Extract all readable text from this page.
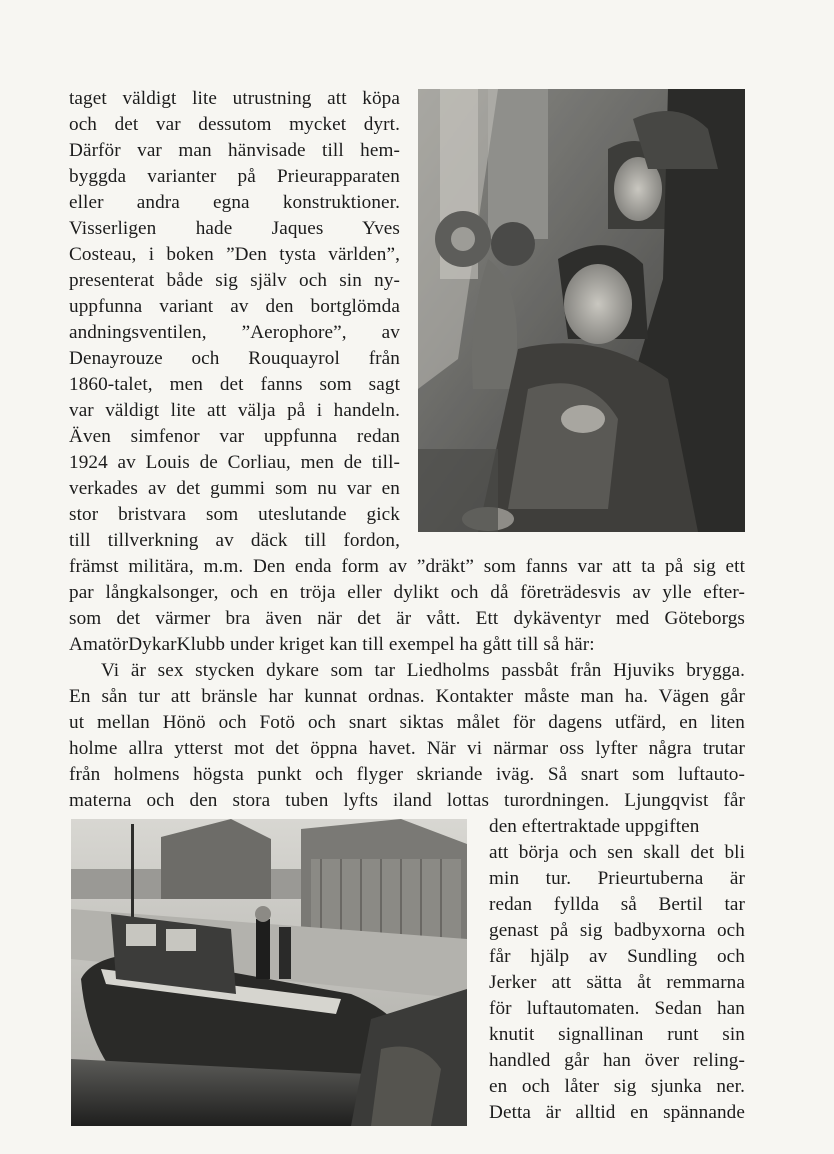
taget väldigt lite utrustning att köpa
och det var dessutom mycket dyrt.
Därför var man hänvisade till hem-
byggda varianter på Prieurapparaten
eller andra egna konstruktioner.
Visserligen hade Jaques Yves
Costeau, i boken ”Den tysta världen”,
presenterat både sig själv och sin ny-
uppfunna variant av den bortglömda
andningsventilen, ”Aerophore”, av
Denayrouze och Rouquayrol från
1860-talet, men det fanns som sagt
var väldigt lite att välja på i handeln.
Även simfenor var uppfunna redan
1924 av Louis de Corliau, men de till-
verkades av det gummi som nu var en
stor bristvara som uteslutande gick
till tillverkning av däck till fordon,
främst militära, m.m. Den enda form av ”dräkt” som fanns var att ta på sig ett
par långkalsonger, och en tröja eller dylikt och då företrädesvis av ylle efter-
som det värmer bra även när det är vått. Ett dykäventyr med Göteborgs
AmatörDykarKlubb under kriget kan till exempel ha gått till så här:
Vi är sex stycken dykare som tar Liedholms passbåt från Hjuviks brygga.
En sån tur att bränsle har kunnat ordnas. Kontakter måste man ha. Vägen går
ut mellan Hönö och Fotö och snart siktas målet för dagens utfärd, en liten
holme allra ytterst mot det öppna havet. När vi närmar oss lyfter några trutar
från holmens högsta punkt och flyger skriande iväg. Så snart som luftauto-
materna och den stora tuben lyfts iland lottas turordningen. Ljungqvist får
den eftertraktade uppgiften
att börja och sen skall det bli
min tur. Prieurtuberna är
redan fyllda så Bertil tar
genast på sig badbyxorna och
får hjälp av Sundling och
Jerker att sätta åt remmarna
för luftautomaten. Sedan han
knutit signallinan runt sin
handled går han över reling-
en och låter sig sjunka ner.
Detta är alltid en spännande
